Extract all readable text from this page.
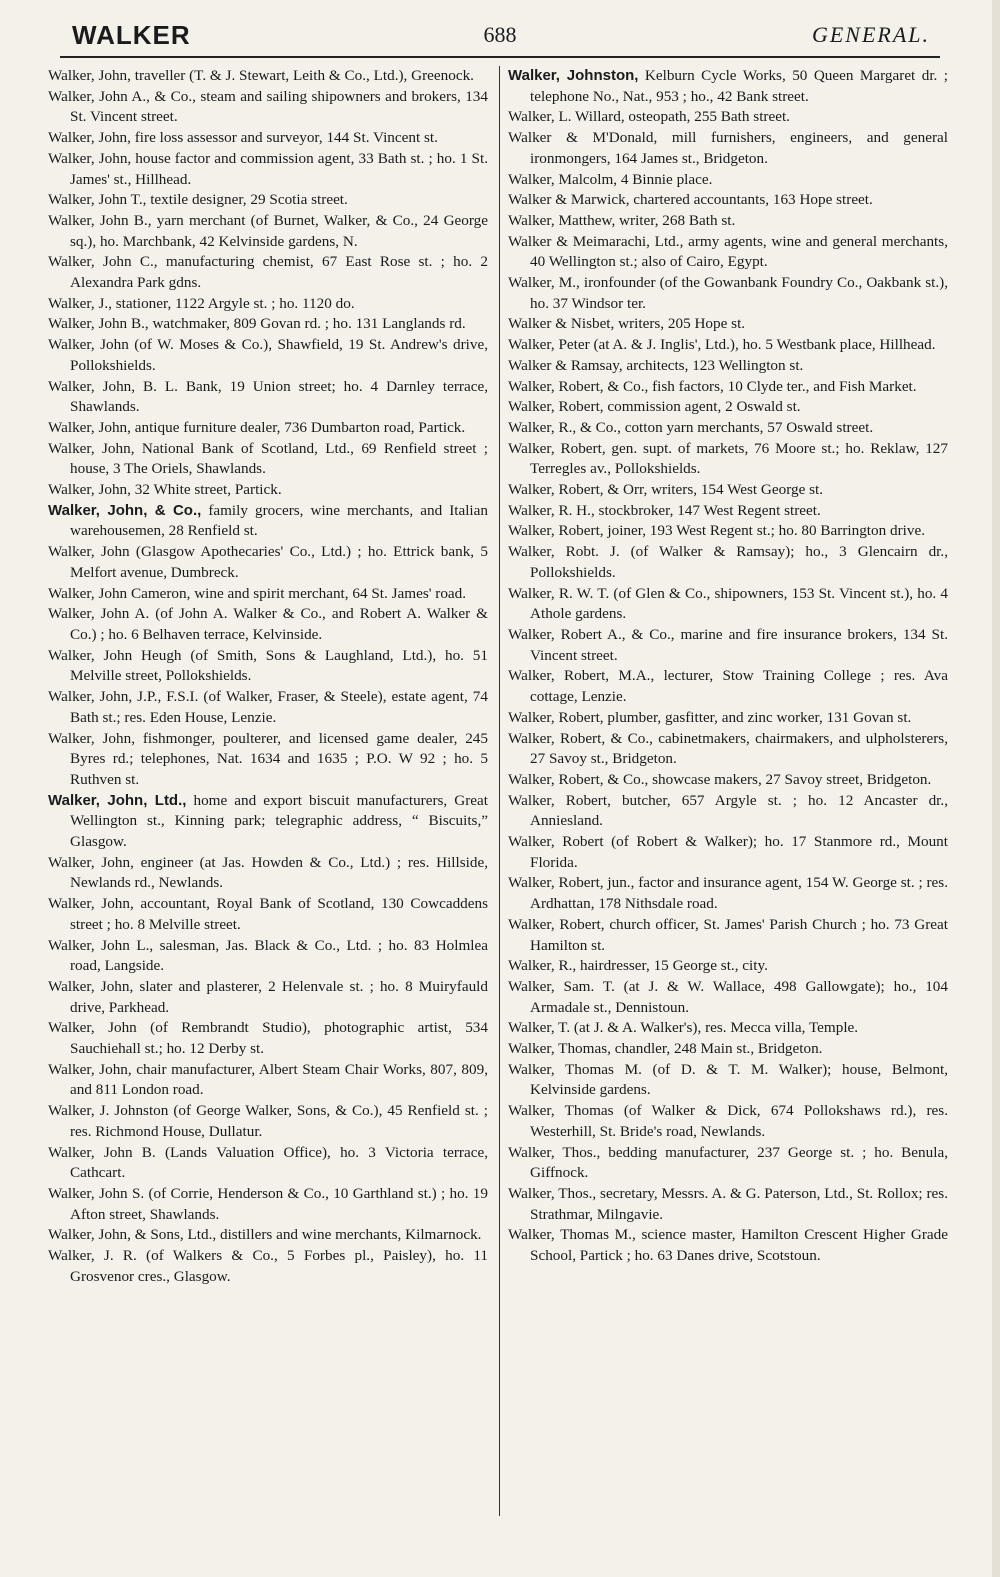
WALKER	688	GENERAL.

Walker, John, traveller (T. & J. Stewart, Leith & Co., Ltd.), Greenock.

Walker, John A., & Co., steam and sailing shipowners and brokers, 134 St. Vincent street.

Walker, John, fire loss assessor and surveyor, 144 St. Vincent st.

Walker, John, house factor and commission agent, 33 Bath st. ; ho. 1 St. James' st., Hillhead.

Walker, John T., textile designer, 29 Scotia street.

Walker, John B., yarn merchant (of Burnet, Walker, & Co., 24 George sq.), ho. Marchbank, 42 Kelvinside gardens, N.

Walker, John C., manufacturing chemist, 67 East Rose st. ; ho. 2 Alexandra Park gdns.

Walker, J., stationer, 1122 Argyle st. ; ho. 1120 do.

Walker, John B., watchmaker, 809 Govan rd. ; ho. 131 Langlands rd.

Walker, John (of W. Moses & Co.), Shawfield, 19 St. Andrew's drive, Pollokshields.

Walker, John, B. L. Bank, 19 Union street; ho. 4 Darnley terrace, Shawlands.

Walker, John, antique furniture dealer, 736 Dumbarton road, Partick.

Walker, John, National Bank of Scotland, Ltd., 69 Renfield street ; house, 3 The Oriels, Shawlands.

Walker, John, 32 White street, Partick.

Walker, John, & Co., family grocers, wine merchants, and Italian warehousemen, 28 Renfield st.

Walker, John (Glasgow Apothecaries' Co., Ltd.) ; ho. Ettrick bank, 5 Melfort avenue, Dumbreck.

Walker, John Cameron, wine and spirit merchant, 64 St. James' road.

Walker, John A. (of John A. Walker & Co., and Robert A. Walker & Co.) ; ho. 6 Belhaven terrace, Kelvinside.

Walker, John Heugh (of Smith, Sons & Laughland, Ltd.), ho. 51 Melville street, Pollokshields.

Walker, John, J.P., F.S.I. (of Walker, Fraser, & Steele), estate agent, 74 Bath st.; res. Eden House, Lenzie.

Walker, John, fishmonger, poulterer, and licensed game dealer, 245 Byres rd.; telephones, Nat. 1634 and 1635 ; P.O. W 92 ; ho. 5 Ruthven st.

Walker, John, Ltd., home and export biscuit manufacturers, Great Wellington st., Kinning park; telegraphic address, “ Biscuits,” Glasgow.

Walker, John, engineer (at Jas. Howden & Co., Ltd.) ; res. Hillside, Newlands rd., Newlands.

Walker, John, accountant, Royal Bank of Scotland, 130 Cowcaddens street ; ho. 8 Melville street.

Walker, John L., salesman, Jas. Black & Co., Ltd. ; ho. 83 Holmlea road, Langside.

Walker, John, slater and plasterer, 2 Helenvale st. ; ho. 8 Muiryfauld drive, Parkhead.

Walker, John (of Rembrandt Studio), photographic artist, 534 Sauchiehall st.; ho. 12 Derby st.

Walker, John, chair manufacturer, Albert Steam Chair Works, 807, 809, and 811 London road.

Walker, J. Johnston (of George Walker, Sons, & Co.), 45 Renfield st. ; res. Richmond House, Dullatur.

Walker, John B. (Lands Valuation Office), ho. 3 Victoria terrace, Cathcart.

Walker, John S. (of Corrie, Henderson & Co., 10 Garthland st.) ; ho. 19 Afton street, Shawlands.

Walker, John, & Sons, Ltd., distillers and wine merchants, Kilmarnock.

Walker, J. R. (of Walkers & Co., 5 Forbes pl., Paisley), ho. 11 Grosvenor cres., Glasgow.

Walker, Johnston, Kelburn Cycle Works, 50 Queen Margaret dr. ; telephone No., Nat., 953 ; ho., 42 Bank street.

Walker, L. Willard, osteopath, 255 Bath street.

Walker & M'Donald, mill furnishers, engineers, and general ironmongers, 164 James st., Bridgeton.

Walker, Malcolm, 4 Binnie place.

Walker & Marwick, chartered accountants, 163 Hope street.

Walker, Matthew, writer, 268 Bath st.

Walker & Meimarachi, Ltd., army agents, wine and general merchants, 40 Wellington st.; also of Cairo, Egypt.

Walker, M., ironfounder (of the Gowanbank Foundry Co., Oakbank st.), ho. 37 Windsor ter.

Walker & Nisbet, writers, 205 Hope st.

Walker, Peter (at A. & J. Inglis', Ltd.), ho. 5 Westbank place, Hillhead.

Walker & Ramsay, architects, 123 Wellington st.

Walker, Robert, & Co., fish factors, 10 Clyde ter., and Fish Market.

Walker, Robert, commission agent, 2 Oswald st.

Walker, R., & Co., cotton yarn merchants, 57 Oswald street.

Walker, Robert, gen. supt. of markets, 76 Moore st.; ho. Reklaw, 127 Terregles av., Pollokshields.

Walker, Robert, & Orr, writers, 154 West George st.

Walker, R. H., stockbroker, 147 West Regent street.

Walker, Robert, joiner, 193 West Regent st.; ho. 80 Barrington drive.

Walker, Robt. J. (of Walker & Ramsay); ho., 3 Glencairn dr., Pollokshields.

Walker, R. W. T. (of Glen & Co., shipowners, 153 St. Vincent st.), ho. 4 Athole gardens.

Walker, Robert A., & Co., marine and fire insurance brokers, 134 St. Vincent street.

Walker, Robert, M.A., lecturer, Stow Training College ; res. Ava cottage, Lenzie.

Walker, Robert, plumber, gasfitter, and zinc worker, 131 Govan st.

Walker, Robert, & Co., cabinetmakers, chairmakers, and ulpholsterers, 27 Savoy st., Bridgeton.

Walker, Robert, & Co., showcase makers, 27 Savoy street, Bridgeton.

Walker, Robert, butcher, 657 Argyle st. ; ho. 12 Ancaster dr., Anniesland.

Walker, Robert (of Robert & Walker); ho. 17 Stanmore rd., Mount Florida.

Walker, Robert, jun., factor and insurance agent, 154 W. George st. ; res. Ardhattan, 178 Nithsdale road.

Walker, Robert, church officer, St. James' Parish Church ; ho. 73 Great Hamilton st.

Walker, R., hairdresser, 15 George st., city.

Walker, Sam. T. (at J. & W. Wallace, 498 Gallowgate); ho., 104 Armadale st., Dennistoun.

Walker, T. (at J. & A. Walker's), res. Mecca villa, Temple.

Walker, Thomas, chandler, 248 Main st., Bridgeton.

Walker, Thomas M. (of D. & T. M. Walker); house, Belmont, Kelvinside gardens.

Walker, Thomas (of Walker & Dick, 674 Pollokshaws rd.), res. Westerhill, St. Bride's road, Newlands.

Walker, Thos., bedding manufacturer, 237 George st. ; ho. Benula, Giffnock.

Walker, Thos., secretary, Messrs. A. & G. Paterson, Ltd., St. Rollox; res. Strathmar, Milngavie.

Walker, Thomas M., science master, Hamilton Crescent Higher Grade School, Partick ; ho. 63 Danes drive, Scotstoun.
